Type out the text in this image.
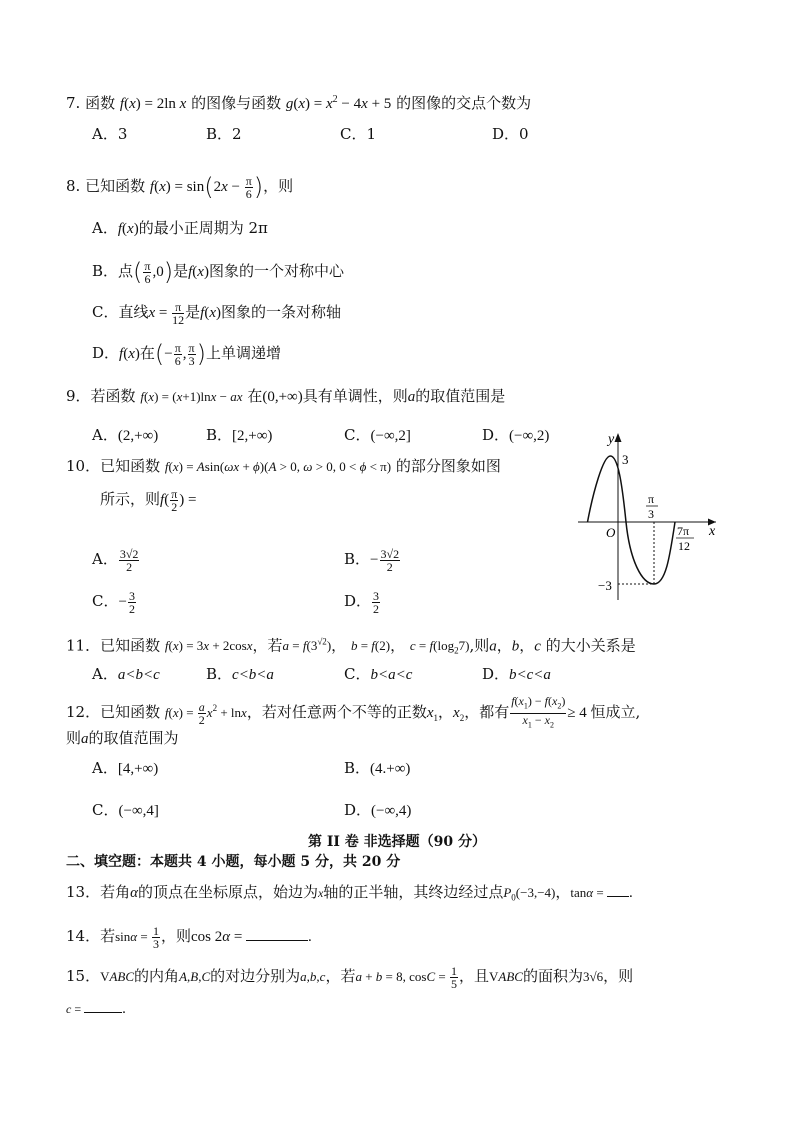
7. 函数 f(x) = 2ln x 的图像与函数 $g(x) = x^2 - 4x + 5$ 的图像的交点个数为
A．3	B．2	C．1	D．0
8. 已知函数 $f(x) = \sin(2x - \frac{\pi}{6}$ )，则
A．f(x)的最小正周期为 2π
B．点( $\frac{\pi}{6} ,0$)是f(x)图象的一个对称中心
C．直线$x = \frac{\pi}{12}$ 是f(x)图象的一条对称轴
D．f(x)在(− $\frac{\pi}{6}$ , $\frac{\pi}{3}$ )上单调递增
9．若函数 f(x) = (x+1)lnx − ax 在(0,+∞)具有单调性，则a的取值范围是
A．(2,+∞)	B．[2,+∞)	C．(−∞,2]	D．(−∞,2)
10．已知函数 f(x) = Asin(ωx + ϕ)(A > 0, ω > 0, 0 < ϕ < π) 的部分图象如图
所示，则$f( \frac{\pi}{2}$ ) =
A． $\frac{3√2}{2}$	B．− $\frac{3√2}{2}$
C．− $\frac{3}{2}$	D． $\frac{3}{2}$
y
x
O
3
−3
π
3
7π
12
11．已知函数 f(x) = 3x + 2cosx，若$a = f(3^{√2})$， b = f(2)， $c = f(\log_27)$,则a，b，c 的大小关系是
A．a<b<c	B．c<b<a	C．b<a<c	D．b<c<a
12．已知函数 $f(x) = \frac{a}{2} x^2 + \ln x$，若对任意两个不等的正数$x_1$，$x_2$，都有 $\frac{f(x_1) - f(x_2)}{x_1 - x_2} \ge 4$ 恒成立,
则a的取值范围为
A．[4,+∞)	B．(4.+∞)
C．(−∞,4]	D．(−∞,4)
第 II 卷 非选择题（90 分）
二、填空题：本题共 4 小题，每小题 5 分，共 20 分
13．若角α的顶点在坐标原点，始边为x轴的正半轴，其终边经过点$P_0(-3,-4)$，tanα = .
14．若$\sin\alpha = \frac{1}{3}$ ，则cos 2α =	.
15．VABC的内角A,B,C的对边分别为a,b,c，若a + b = 8, $\cos C = \frac{1}{5}$ ，且VABC的面积为3√6，则
c =	.
